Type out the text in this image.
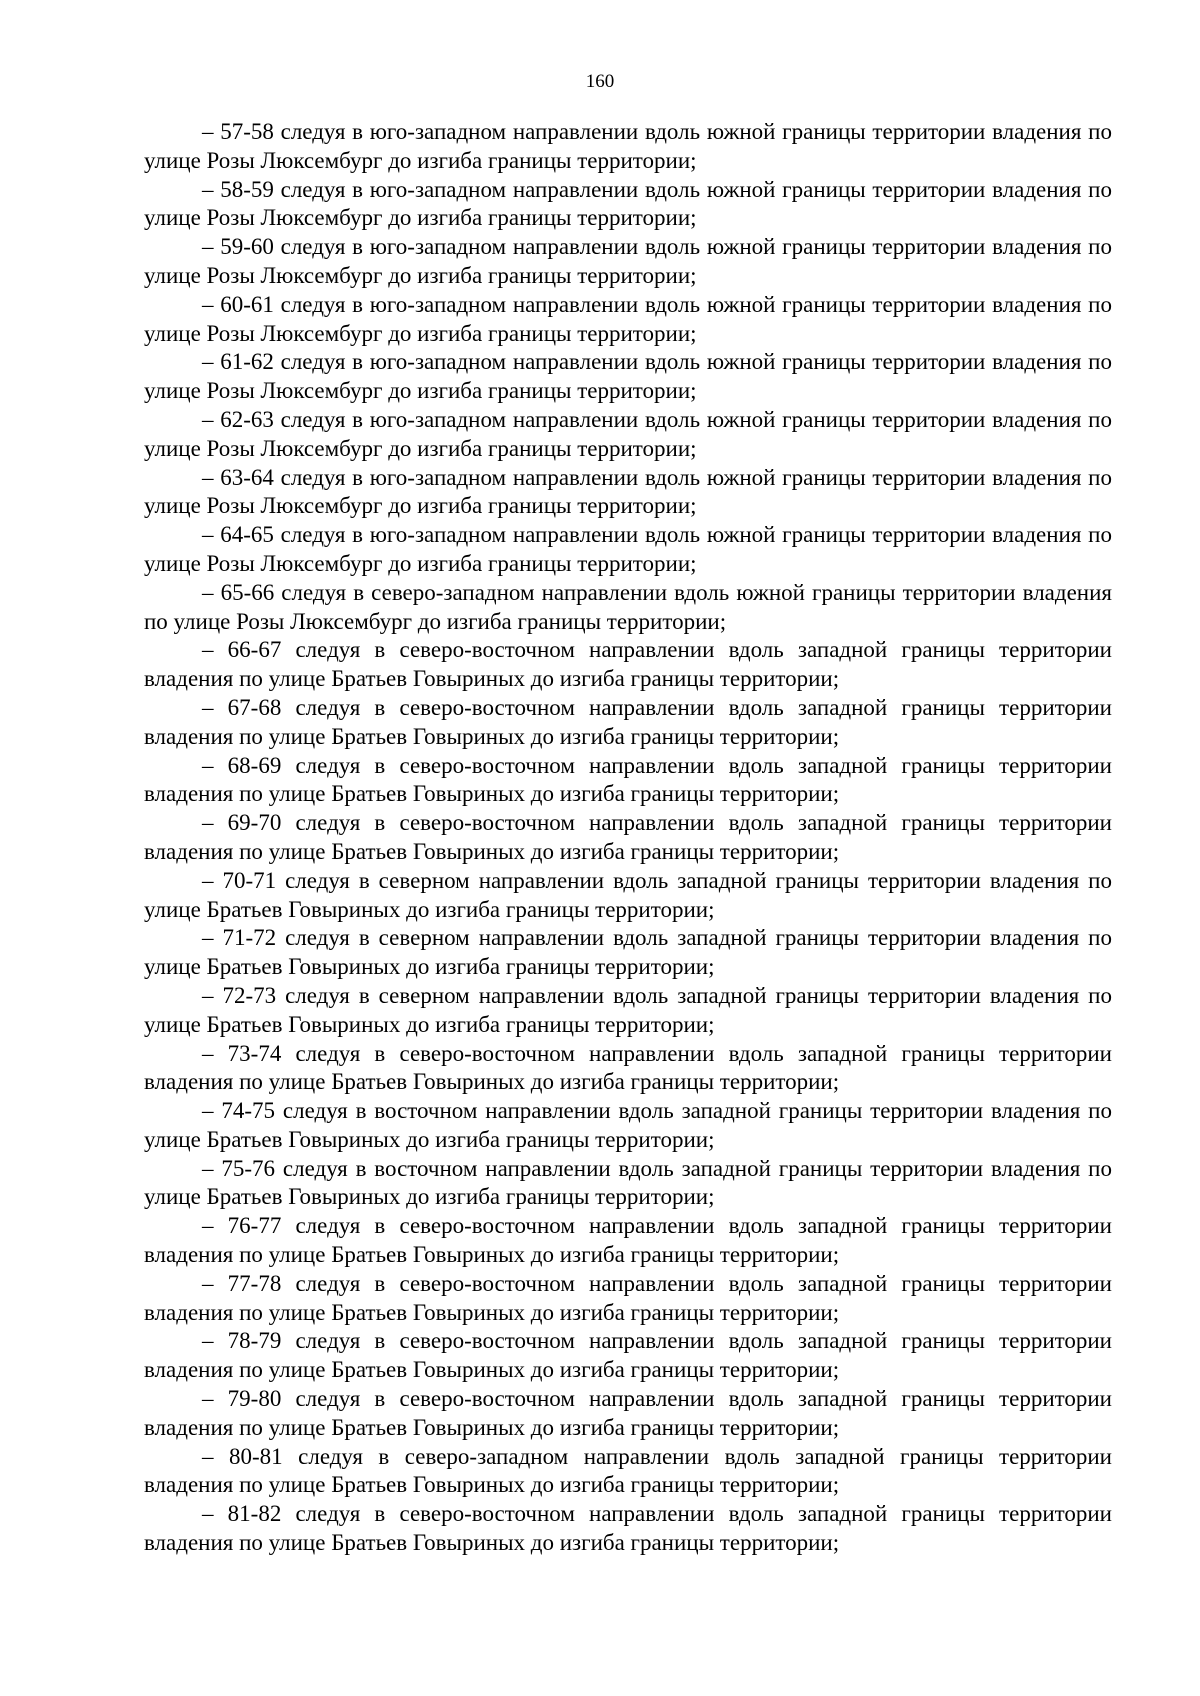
160

– 57-58 следуя в юго-западном направлении вдоль южной границы территории владения по улице Розы Люксембург до изгиба границы территории;

– 58-59 следуя в юго-западном направлении вдоль южной границы территории владения по улице Розы Люксембург до изгиба границы территории;

– 59-60 следуя в юго-западном направлении вдоль южной границы территории владения по улице Розы Люксембург до изгиба границы территории;

– 60-61 следуя в юго-западном направлении вдоль южной границы территории владения по улице Розы Люксембург до изгиба границы территории;

– 61-62 следуя в юго-западном направлении вдоль южной границы территории владения по улице Розы Люксембург до изгиба границы территории;

– 62-63 следуя в юго-западном направлении вдоль южной границы территории владения по улице Розы Люксембург до изгиба границы территории;

– 63-64 следуя в юго-западном направлении вдоль южной границы территории владения по улице Розы Люксембург до изгиба границы территории;

– 64-65 следуя в юго-западном направлении вдоль южной границы территории владения по улице Розы Люксембург до изгиба границы территории;

– 65-66 следуя в северо-западном направлении вдоль южной границы территории владения по улице Розы Люксембург до изгиба границы территории;

– 66-67 следуя в северо-восточном направлении вдоль западной границы территории владения по улице Братьев Говыриных до изгиба границы территории;

– 67-68 следуя в северо-восточном направлении вдоль западной границы территории владения по улице Братьев Говыриных до изгиба границы территории;

– 68-69 следуя в северо-восточном направлении вдоль западной границы территории владения по улице Братьев Говыриных до изгиба границы территории;

– 69-70 следуя в северо-восточном направлении вдоль западной границы территории владения по улице Братьев Говыриных до изгиба границы территории;

– 70-71 следуя в северном направлении вдоль западной границы территории владения по улице Братьев Говыриных до изгиба границы территории;

– 71-72 следуя в северном направлении вдоль западной границы территории владения по улице Братьев Говыриных до изгиба границы территории;

– 72-73 следуя в северном направлении вдоль западной границы территории владения по улице Братьев Говыриных до изгиба границы территории;

– 73-74 следуя в северо-восточном направлении вдоль западной границы территории владения по улице Братьев Говыриных до изгиба границы территории;

– 74-75 следуя в восточном направлении вдоль западной границы территории владения по улице Братьев Говыриных до изгиба границы территории;

– 75-76 следуя в восточном направлении вдоль западной границы территории владения по улице Братьев Говыриных до изгиба границы территории;

– 76-77 следуя в северо-восточном направлении вдоль западной границы территории владения по улице Братьев Говыриных до изгиба границы территории;

– 77-78 следуя в северо-восточном направлении вдоль западной границы территории владения по улице Братьев Говыриных до изгиба границы территории;

– 78-79 следуя в северо-восточном направлении вдоль западной границы территории владения по улице Братьев Говыриных до изгиба границы территории;

– 79-80 следуя в северо-восточном направлении вдоль западной границы территории владения по улице Братьев Говыриных до изгиба границы территории;

– 80-81 следуя в северо-западном направлении вдоль западной границы территории владения по улице Братьев Говыриных до изгиба границы территории;

– 81-82 следуя в северо-восточном направлении вдоль западной границы территории владения по улице Братьев Говыриных до изгиба границы территории;
